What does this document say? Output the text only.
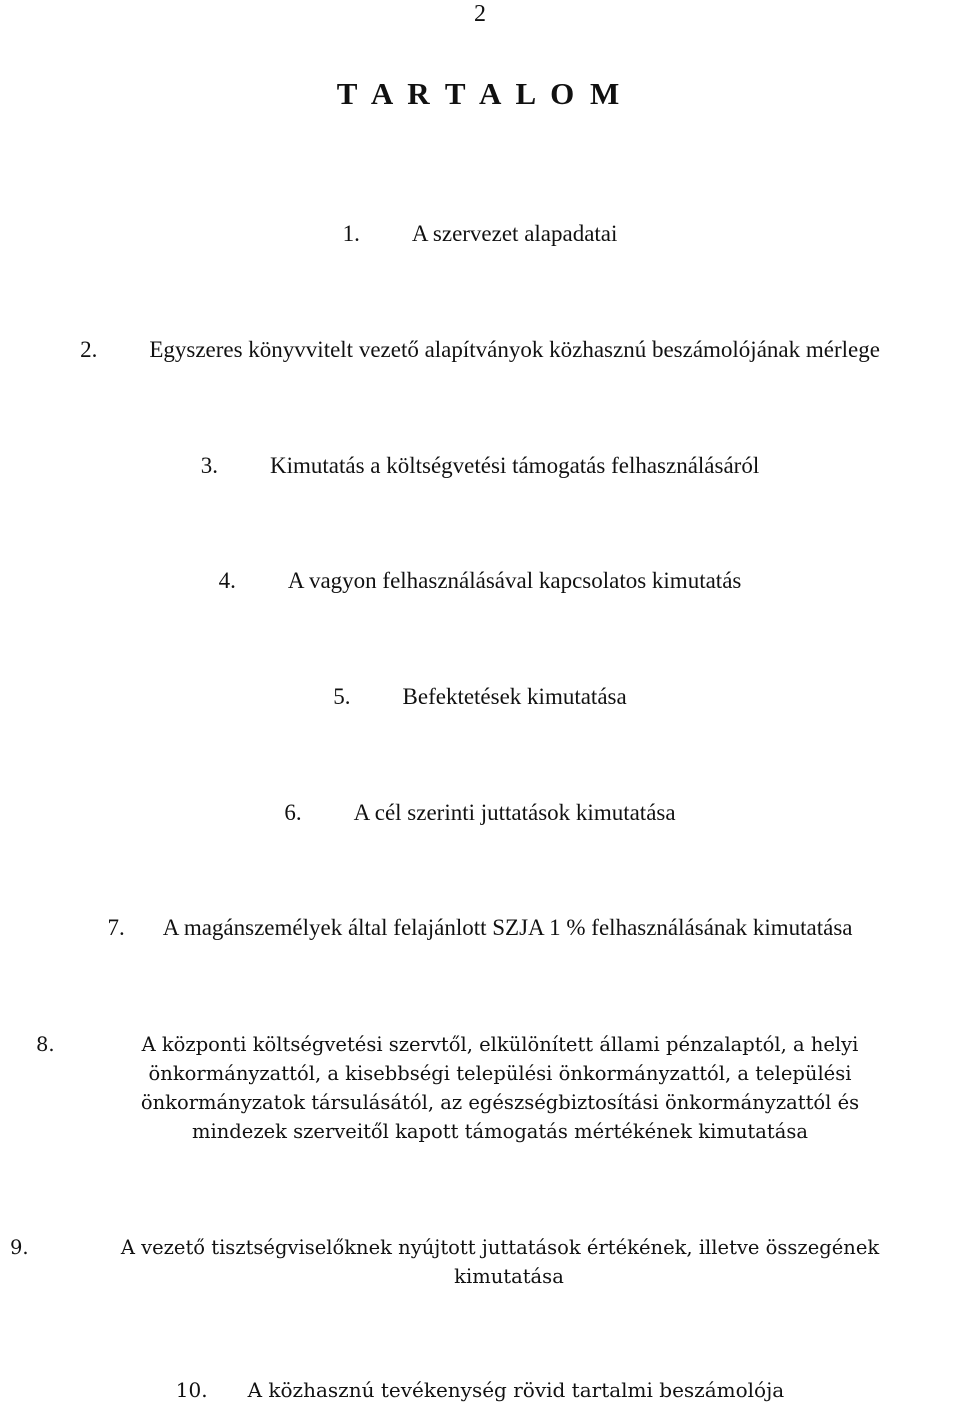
2
T A R T A L O M
1. A szervezet alapadatai
2. Egyszeres könyvvitelt vezető alapítványok közhasznú beszámolójának mérlege
3. Kimutatás a költségvetési támogatás felhasználásáról
4. A vagyon felhasználásával kapcsolatos kimutatás
5. Befektetések kimutatása
6. A cél szerinti juttatások kimutatása
7. A magánszemélyek által felajánlott SZJA 1 % felhasználásának kimutatása
8.	A központi költségvetési szervtől, elkülönített állami pénzalaptól, a helyi
önkormányzattól, a kisebbségi települési önkormányzattól, a települési
önkormányzatok társulásától, az egészségbiztosítási önkormányzattól és
mindezek szerveitől kapott támogatás mértékének kimutatása
9.	A vezető tisztségviselőknek nyújtott juttatások értékének, illetve összegének
kimutatása
10. A közhasznú tevékenység rövid tartalmi beszámolója
